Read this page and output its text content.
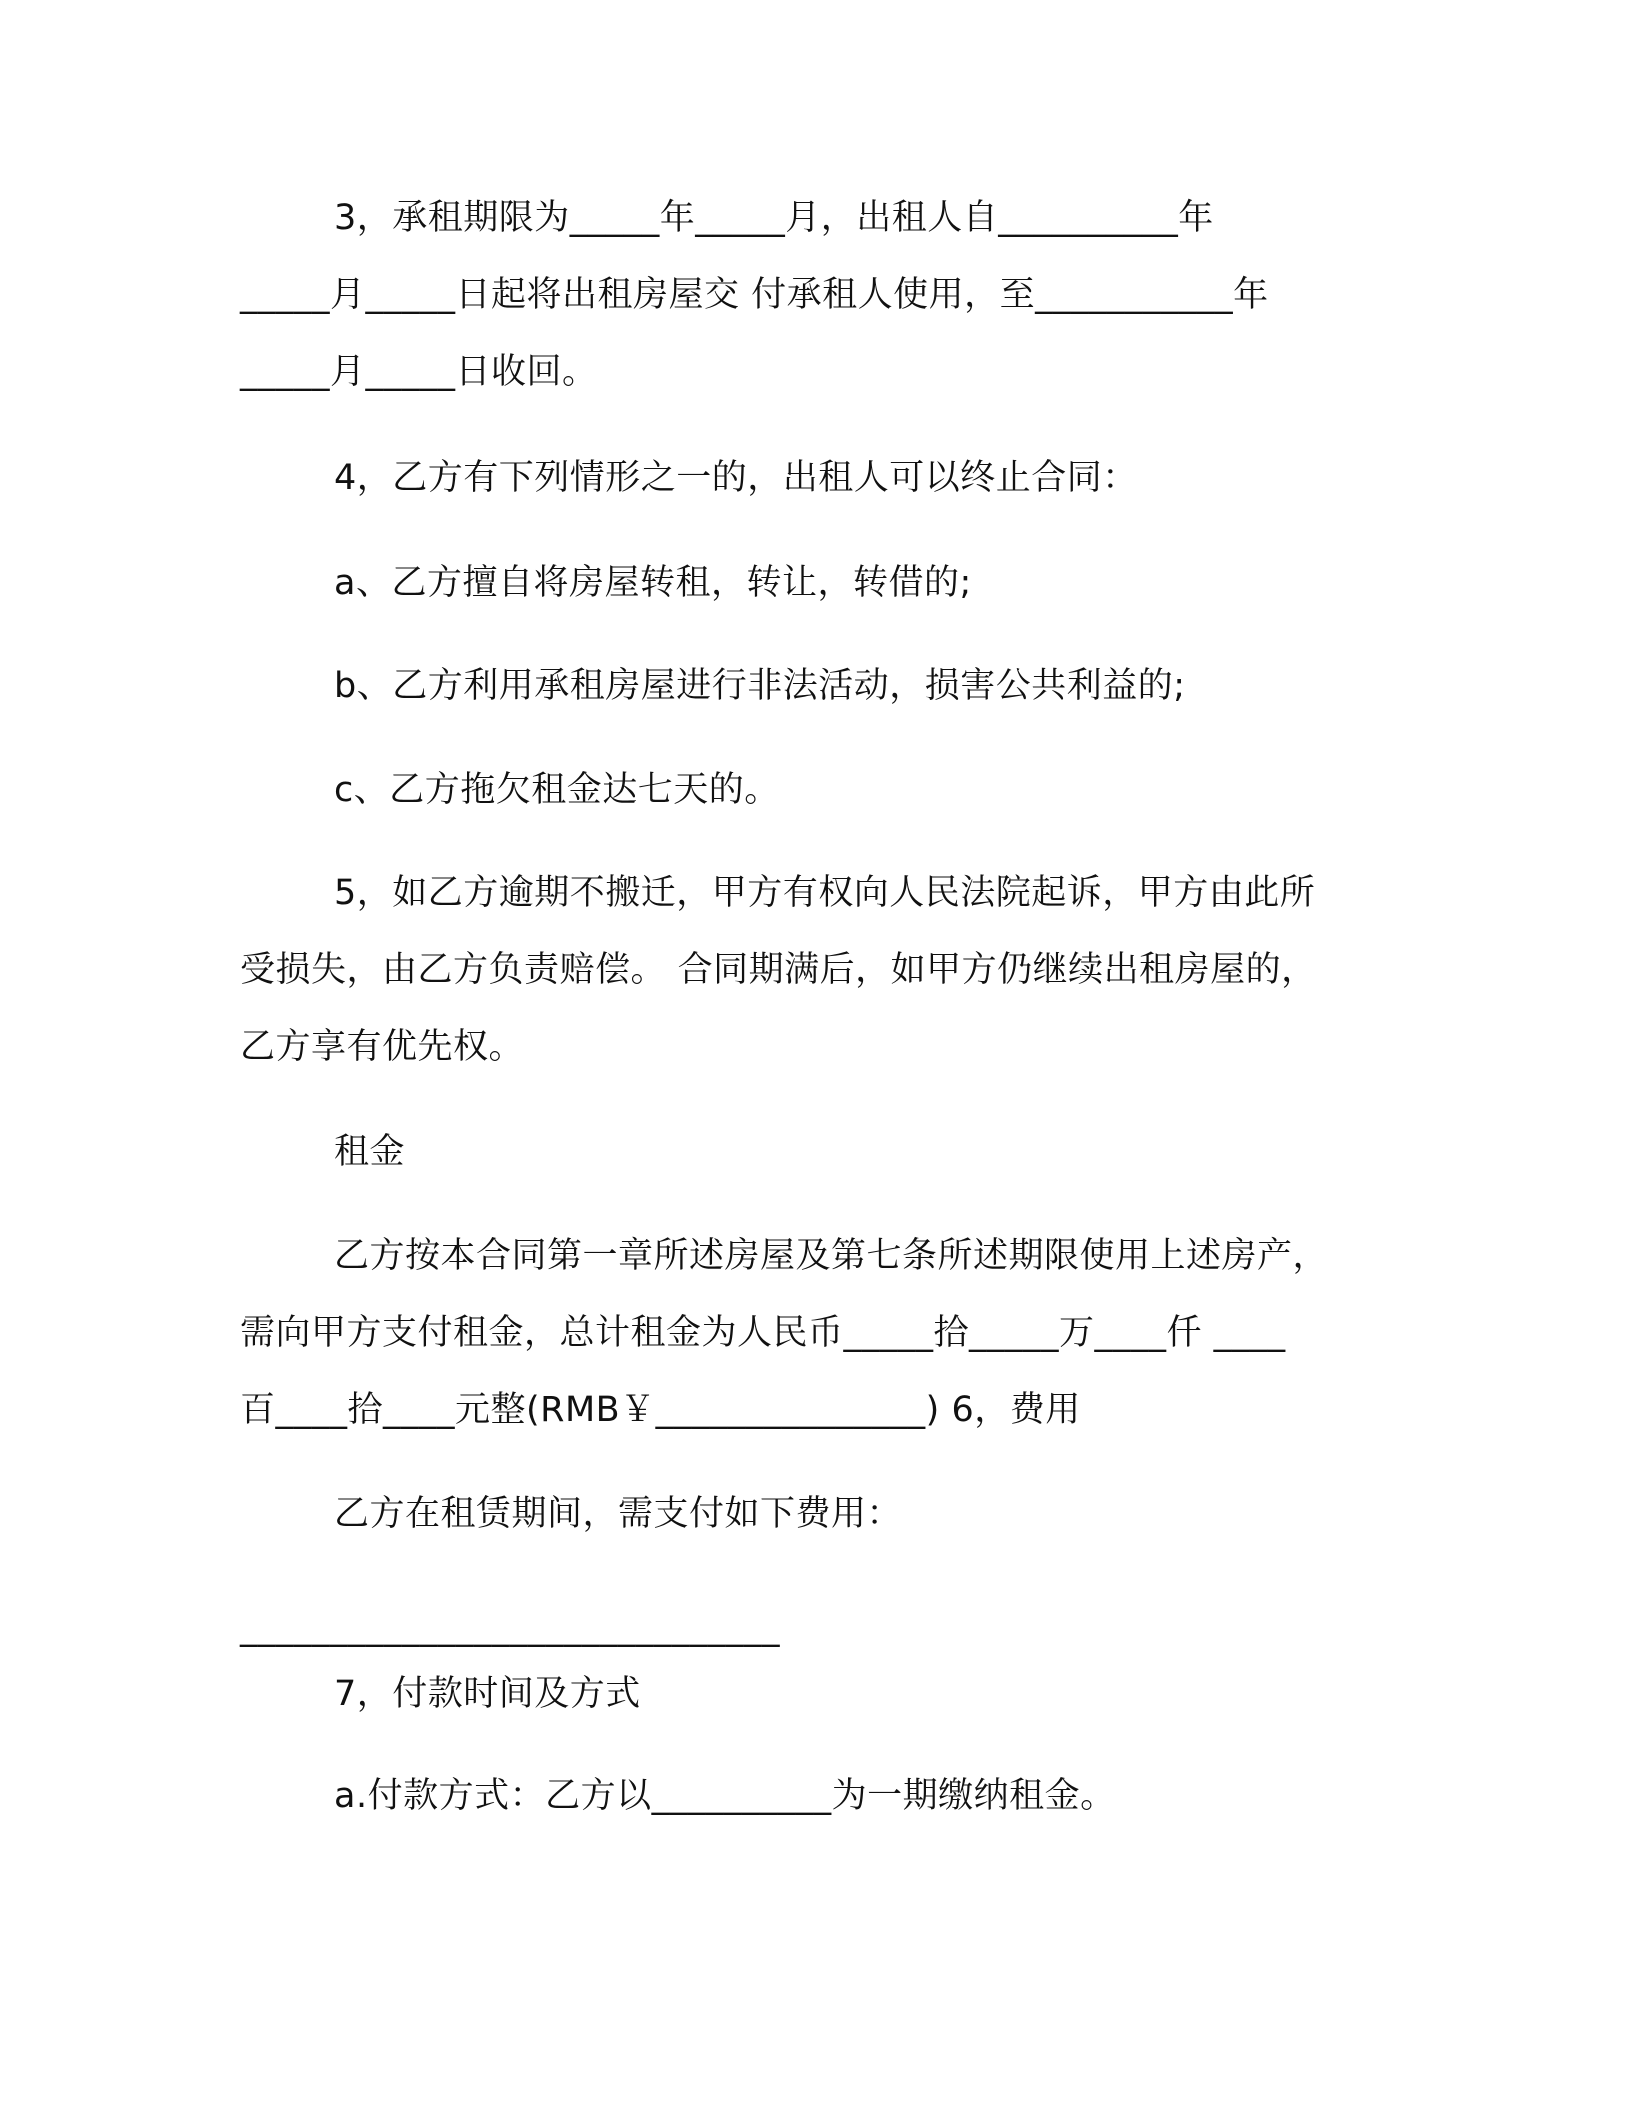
3，承租期限为_____年_____月，出租人自__________年
_____月_____日起将出租房屋交 付承租人使用，至___________年
_____月_____日收回。
4，乙方有下列情形之一的，出租人可以终止合同：
a、乙方擅自将房屋转租，转让，转借的;
b、乙方利用承租房屋进行非法活动，损害公共利益的;
c、乙方拖欠租金达七天的。
5，如乙方逾期不搬迁，甲方有权向人民法院起诉，甲方由此所
受损失，由乙方负责赔偿。 合同期满后，如甲方仍继续出租房屋的，
乙方享有优先权。
租金
乙方按本合同第一章所述房屋及第七条所述期限使用上述房产，
需向甲方支付租金，总计租金为人民币_____拾_____万____仟 ____
百____拾____元整(RMB￥_______________) 6，费用
乙方在租赁期间，需支付如下费用：
______________________________
7，付款时间及方式
a.付款方式：乙方以__________为一期缴纳租金。
